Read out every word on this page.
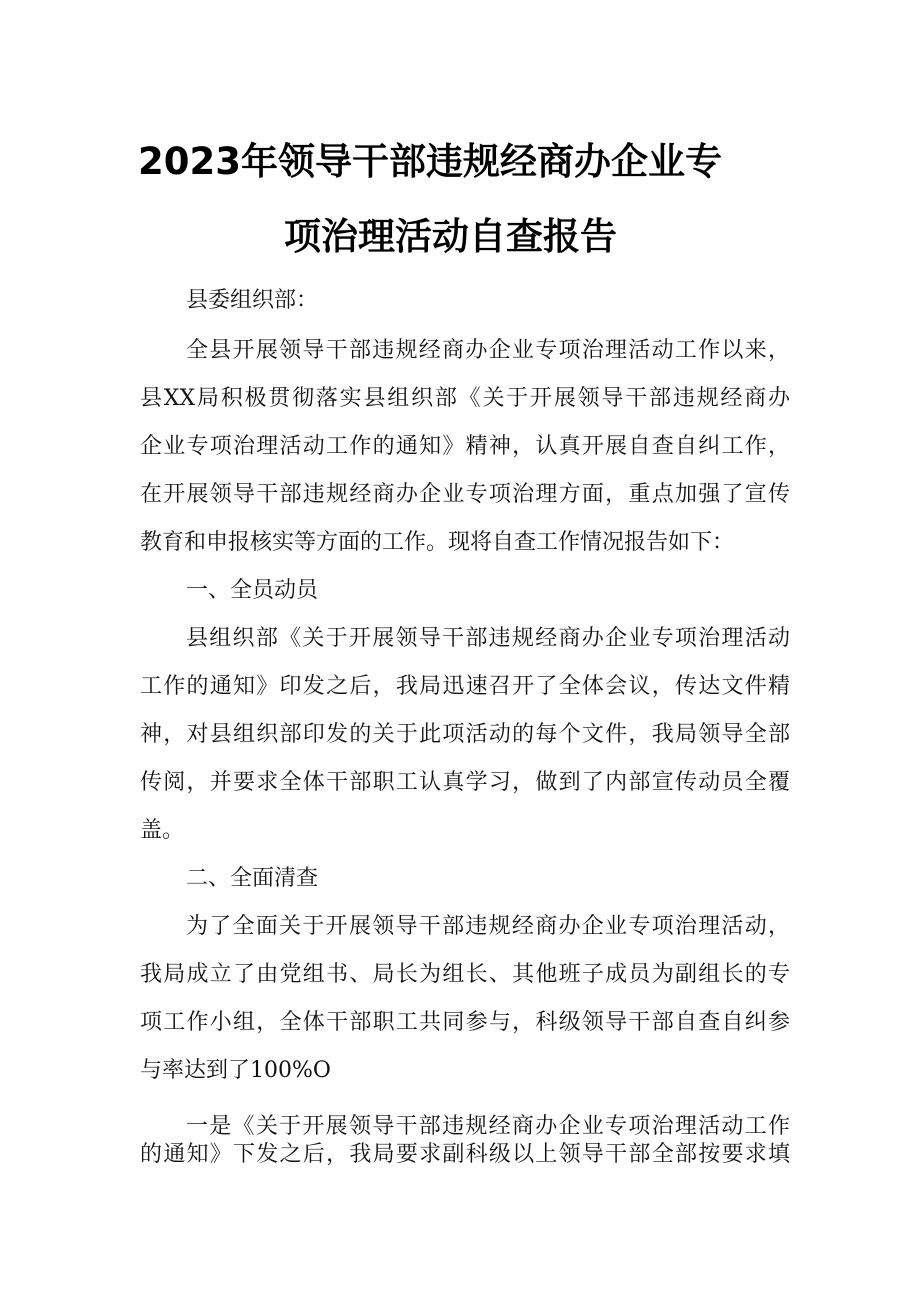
2023年领导干部违规经商办企业专
项治理活动自查报告
县委组织部：
全县开展领导干部违规经商办企业专项治理活动工作以来，
县XX局积极贯彻落实县组织部《关于开展领导干部违规经商办
企业专项治理活动工作的通知》精神，认真开展自查自纠工作，
在开展领导干部违规经商办企业专项治理方面，重点加强了宣传
教育和申报核实等方面的工作。现将自查工作情况报告如下：
一、全员动员
县组织部《关于开展领导干部违规经商办企业专项治理活动
工作的通知》印发之后，我局迅速召开了全体会议，传达文件精
神，对县组织部印发的关于此项活动的每个文件，我局领导全部
传阅，并要求全体干部职工认真学习，做到了内部宣传动员全覆
盖。
二、全面清查
为了全面关于开展领导干部违规经商办企业专项治理活动，
我局成立了由党组书、局长为组长、其他班子成员为副组长的专
项工作小组，全体干部职工共同参与，科级领导干部自查自纠参
与率达到了100%O
一是《关于开展领导干部违规经商办企业专项治理活动工作
的通知》下发之后，我局要求副科级以上领导干部全部按要求填
